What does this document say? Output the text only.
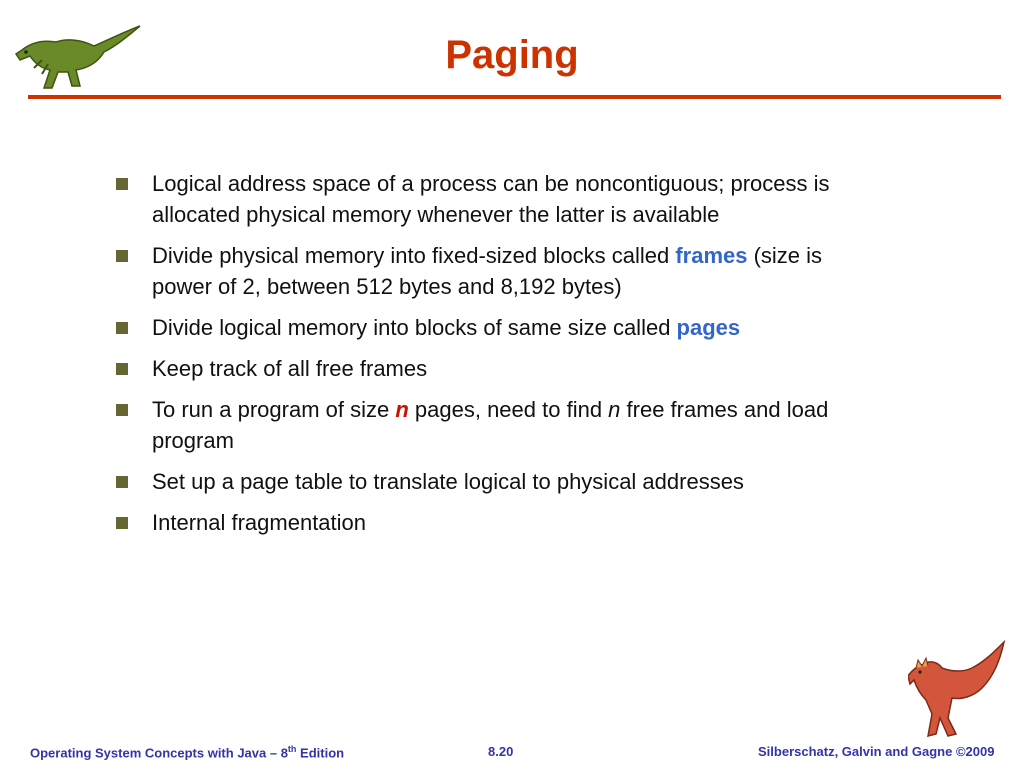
Paging
Logical address space of a process can be noncontiguous; process is allocated physical memory whenever the latter is available
Divide physical memory into fixed-sized blocks called frames (size is power of 2, between 512 bytes and 8,192 bytes)
Divide logical memory into blocks of same size called pages
Keep track of all free frames
To run a program of size n pages, need to find n free frames and load program
Set up a page table to translate logical to physical addresses
Internal fragmentation
Operating System Concepts with Java – 8th Edition	8.20	Silberschatz, Galvin and Gagne ©2009
